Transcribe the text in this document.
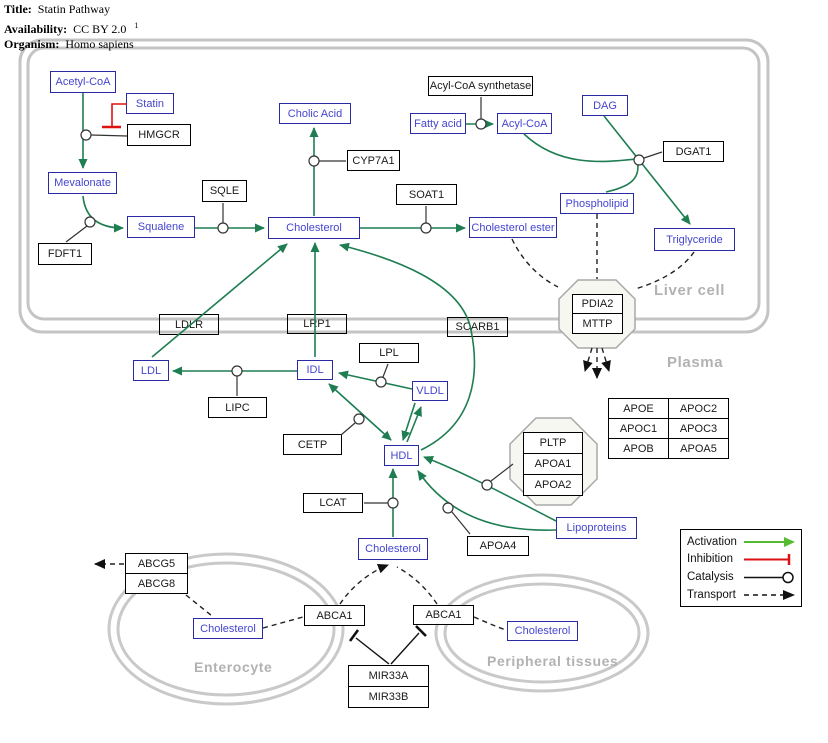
Title: Statin Pathway
Availability: CC BY 2.0 $^1$
Organism: Homo sapiens
Liver cell
Plasma
Enterocyte	Peripheral tissues
Acetyl-CoA
Statin
Mevalonate
Squalene
Cholic Acid
Cholesterol	Cholesterol ester
Fatty acid	Acyl-CoA
DAG
Phospholipid
Triglyceride
LDL	IDL
VLDL
HDL
Lipoproteins
Cholesterol
Cholesterol	Cholesterol
HMGCR
FDFT1
SQLE
CYP7A1
SOAT1
Acyl-CoA synthetase
DGAT1
PDIA2
MTTP
LDLR	LRP1	SCARB1
LPL
LIPC
CETP
LCAT
APOA4
PLTP
APOA1
APOA2
APOE	APOC2
APOC1	APOC3
APOB	APOA5
ABCG5
ABCG8
ABCA1	ABCA1
MIR33A
MIR33B
Activation
Inhibition
Catalysis
Transport
